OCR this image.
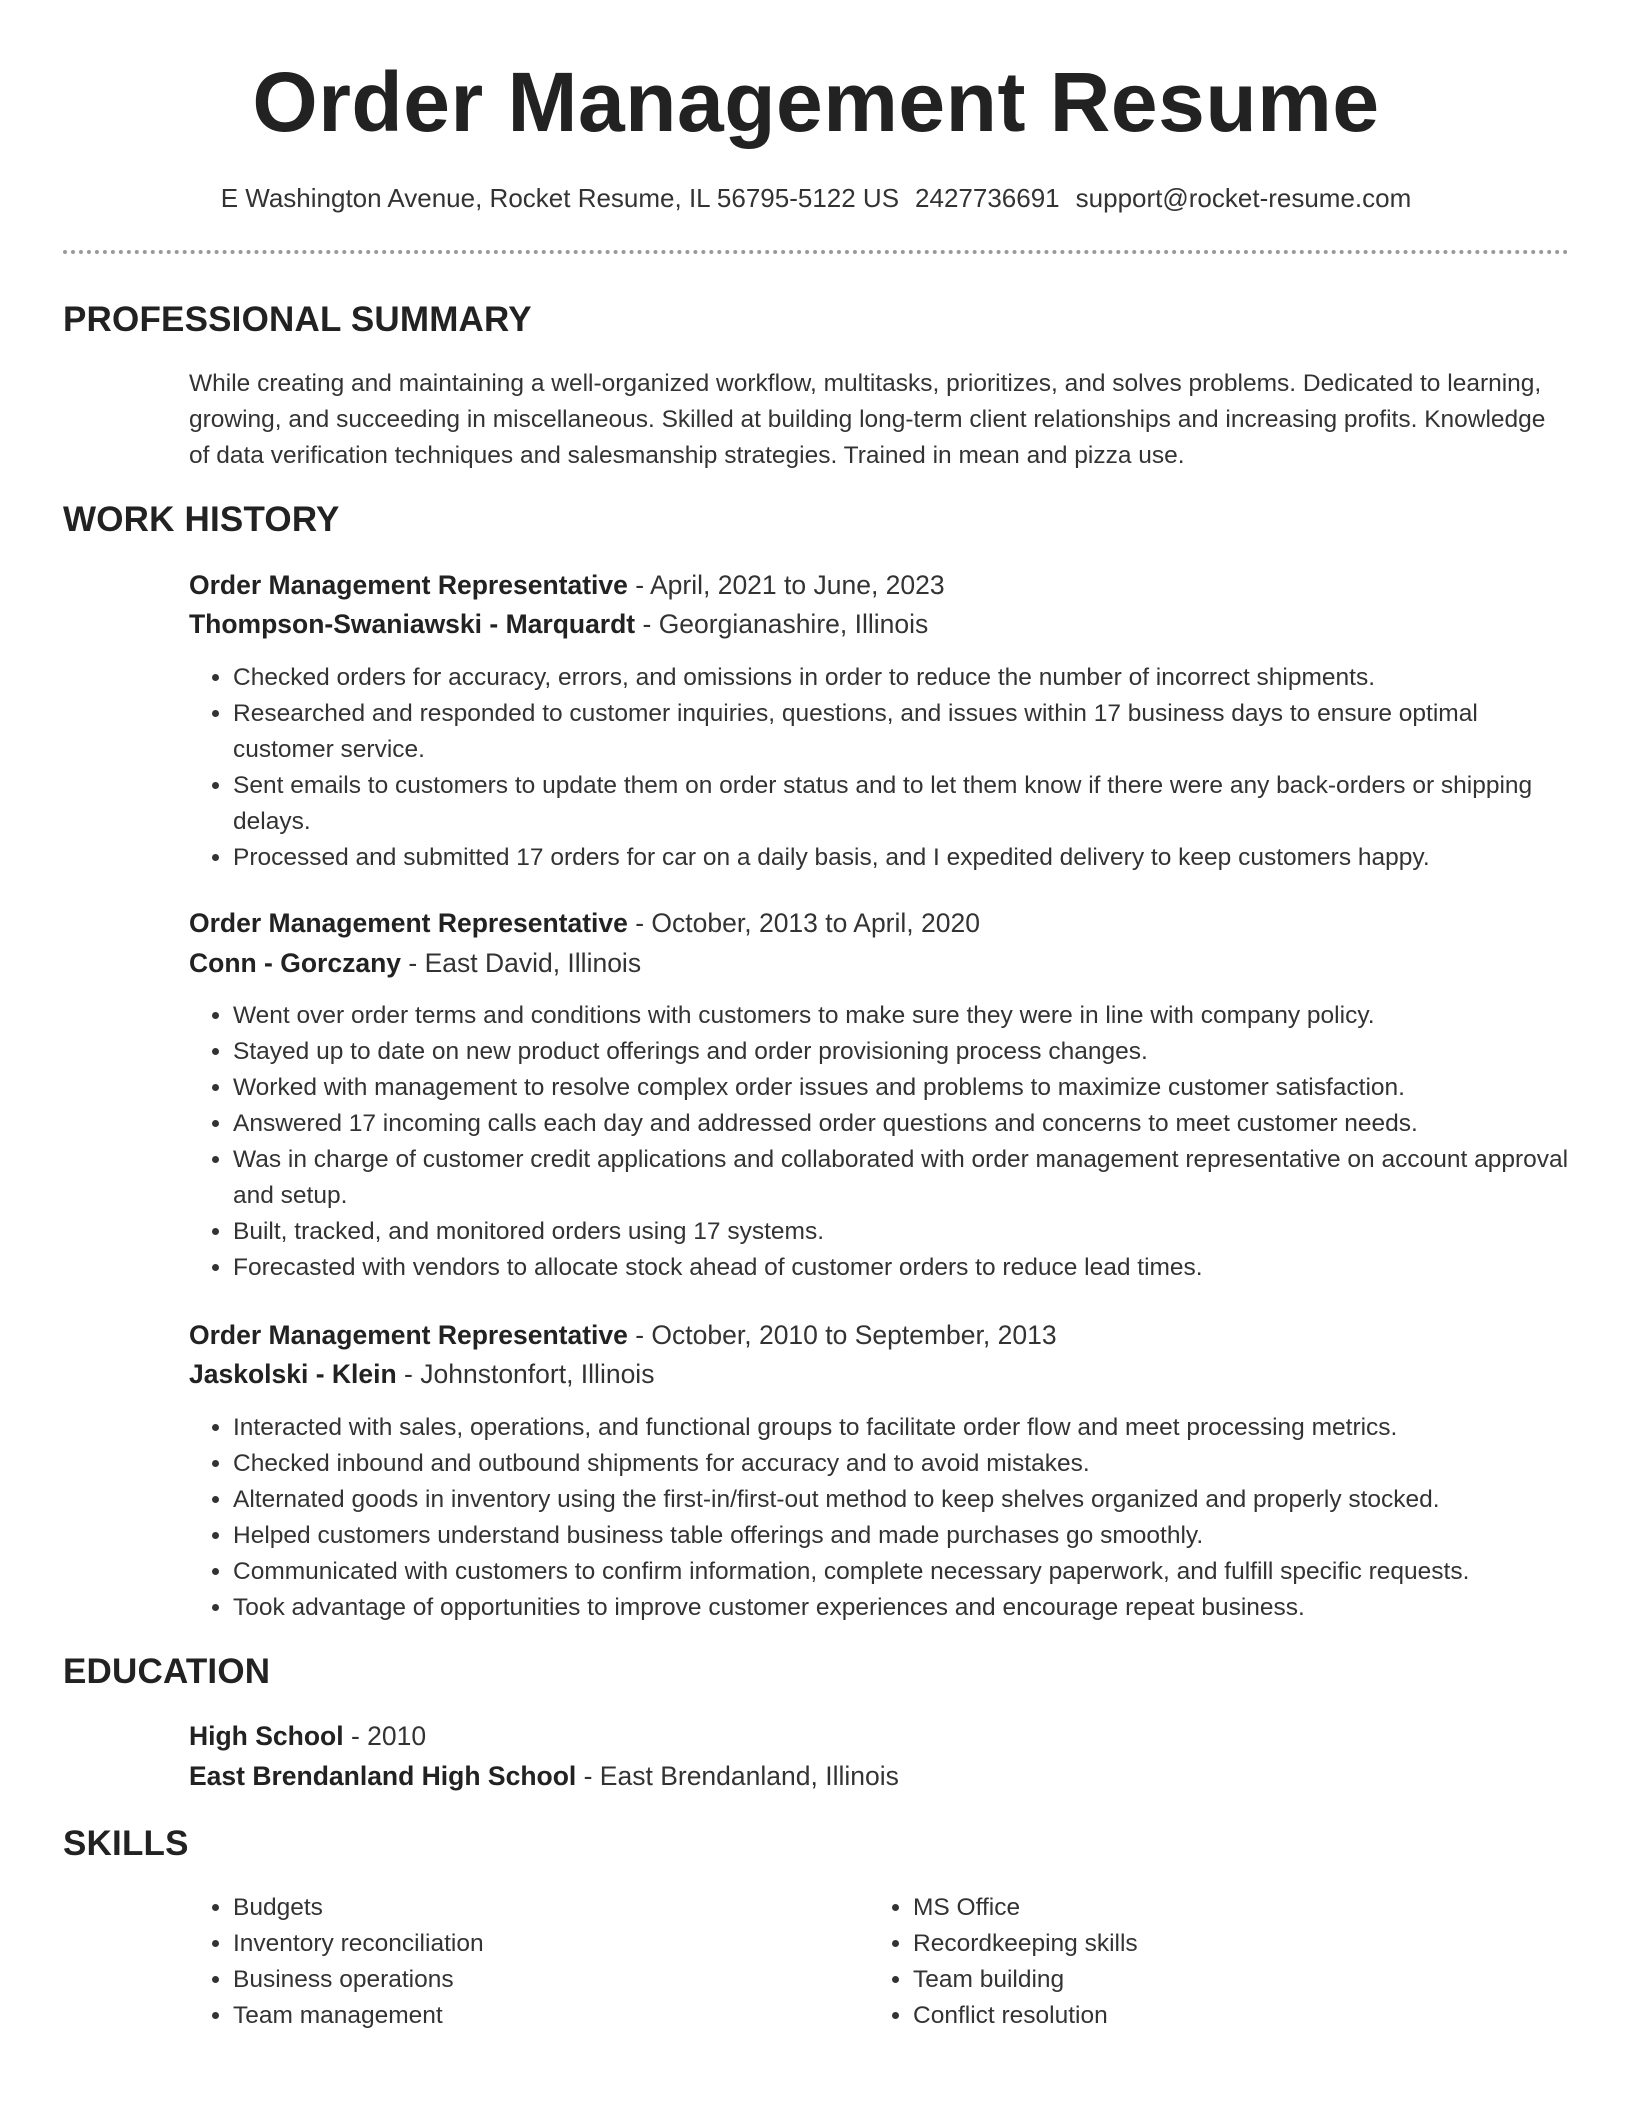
Order Management Resume
E Washington Avenue, Rocket Resume, IL 56795-5122 US 2427736691 support@rocket-resume.com
PROFESSIONAL SUMMARY
While creating and maintaining a well-organized workflow, multitasks, prioritizes, and solves problems. Dedicated to learning, growing, and succeeding in miscellaneous. Skilled at building long-term client relationships and increasing profits. Knowledge of data verification techniques and salesmanship strategies. Trained in mean and pizza use.
WORK HISTORY
Order Management Representative - April, 2021 to June, 2023
Thompson-Swaniawski - Marquardt - Georgianashire, Illinois
• Checked orders for accuracy, errors, and omissions in order to reduce the number of incorrect shipments.
• Researched and responded to customer inquiries, questions, and issues within 17 business days to ensure optimal customer service.
• Sent emails to customers to update them on order status and to let them know if there were any back-orders or shipping delays.
• Processed and submitted 17 orders for car on a daily basis, and I expedited delivery to keep customers happy.
Order Management Representative - October, 2013 to April, 2020
Conn - Gorczany - East David, Illinois
• Went over order terms and conditions with customers to make sure they were in line with company policy.
• Stayed up to date on new product offerings and order provisioning process changes.
• Worked with management to resolve complex order issues and problems to maximize customer satisfaction.
• Answered 17 incoming calls each day and addressed order questions and concerns to meet customer needs.
• Was in charge of customer credit applications and collaborated with order management representative on account approval and setup.
• Built, tracked, and monitored orders using 17 systems.
• Forecasted with vendors to allocate stock ahead of customer orders to reduce lead times.
Order Management Representative - October, 2010 to September, 2013
Jaskolski - Klein - Johnstonfort, Illinois
• Interacted with sales, operations, and functional groups to facilitate order flow and meet processing metrics.
• Checked inbound and outbound shipments for accuracy and to avoid mistakes.
• Alternated goods in inventory using the first-in/first-out method to keep shelves organized and properly stocked.
• Helped customers understand business table offerings and made purchases go smoothly.
• Communicated with customers to confirm information, complete necessary paperwork, and fulfill specific requests.
• Took advantage of opportunities to improve customer experiences and encourage repeat business.
EDUCATION
High School - 2010
East Brendanland High School - East Brendanland, Illinois
SKILLS
• Budgets
• Inventory reconciliation
• Business operations
• Team management
• MS Office
• Recordkeeping skills
• Team building
• Conflict resolution
